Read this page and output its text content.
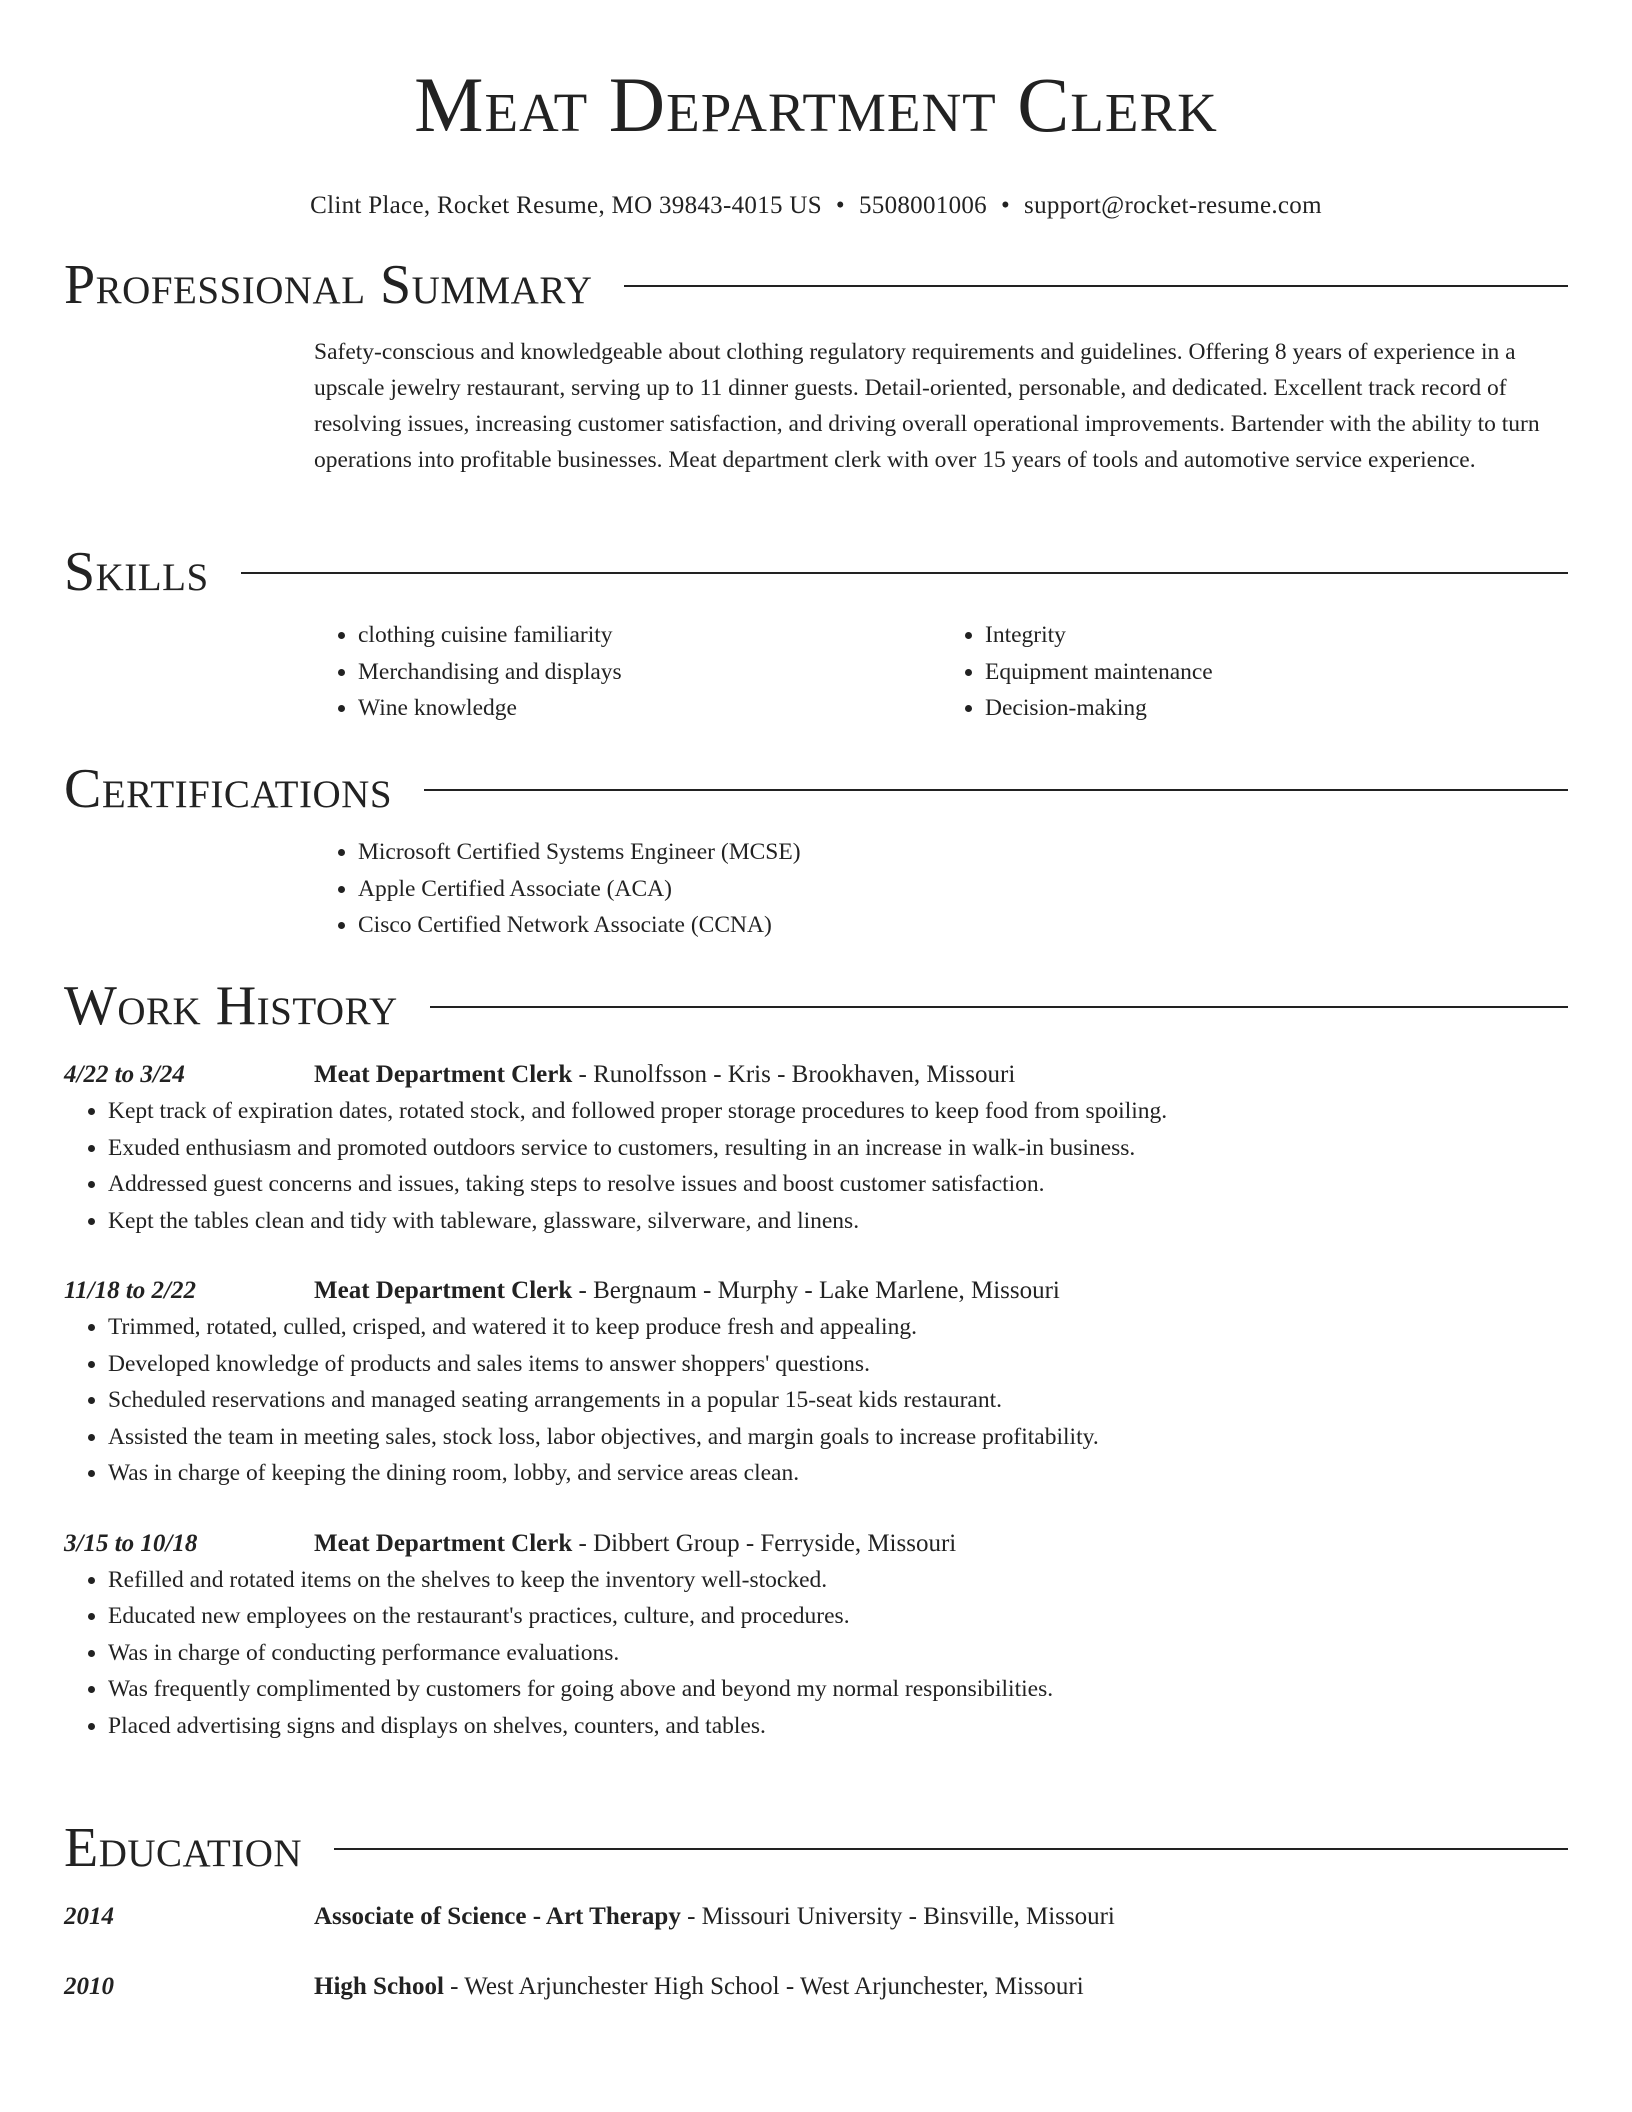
Meat Department Clerk
Clint Place, Rocket Resume, MO 39843-4015 US • 5508001006 • support@rocket-resume.com
Professional Summary
Safety-conscious and knowledgeable about clothing regulatory requirements and guidelines. Offering 8 years of experience in a upscale jewelry restaurant, serving up to 11 dinner guests. Detail-oriented, personable, and dedicated. Excellent track record of resolving issues, increasing customer satisfaction, and driving overall operational improvements. Bartender with the ability to turn operations into profitable businesses. Meat department clerk with over 15 years of tools and automotive service experience.
Skills
• clothing cuisine familiarity
• Merchandising and displays
• Wine knowledge
• Integrity
• Equipment maintenance
• Decision-making
Certifications
• Microsoft Certified Systems Engineer (MCSE)
• Apple Certified Associate (ACA)
• Cisco Certified Network Associate (CCNA)
Work History
4/22 to 3/24	Meat Department Clerk - Runolfsson - Kris - Brookhaven, Missouri
• Kept track of expiration dates, rotated stock, and followed proper storage procedures to keep food from spoiling.
• Exuded enthusiasm and promoted outdoors service to customers, resulting in an increase in walk-in business.
• Addressed guest concerns and issues, taking steps to resolve issues and boost customer satisfaction.
• Kept the tables clean and tidy with tableware, glassware, silverware, and linens.
11/18 to 2/22	Meat Department Clerk - Bergnaum - Murphy - Lake Marlene, Missouri
• Trimmed, rotated, culled, crisped, and watered it to keep produce fresh and appealing.
• Developed knowledge of products and sales items to answer shoppers' questions.
• Scheduled reservations and managed seating arrangements in a popular 15-seat kids restaurant.
• Assisted the team in meeting sales, stock loss, labor objectives, and margin goals to increase profitability.
• Was in charge of keeping the dining room, lobby, and service areas clean.
3/15 to 10/18	Meat Department Clerk - Dibbert Group - Ferryside, Missouri
• Refilled and rotated items on the shelves to keep the inventory well-stocked.
• Educated new employees on the restaurant's practices, culture, and procedures.
• Was in charge of conducting performance evaluations.
• Was frequently complimented by customers for going above and beyond my normal responsibilities.
• Placed advertising signs and displays on shelves, counters, and tables.
Education
2014	Associate of Science - Art Therapy - Missouri University - Binsville, Missouri
2010	High School - West Arjunchester High School - West Arjunchester, Missouri
